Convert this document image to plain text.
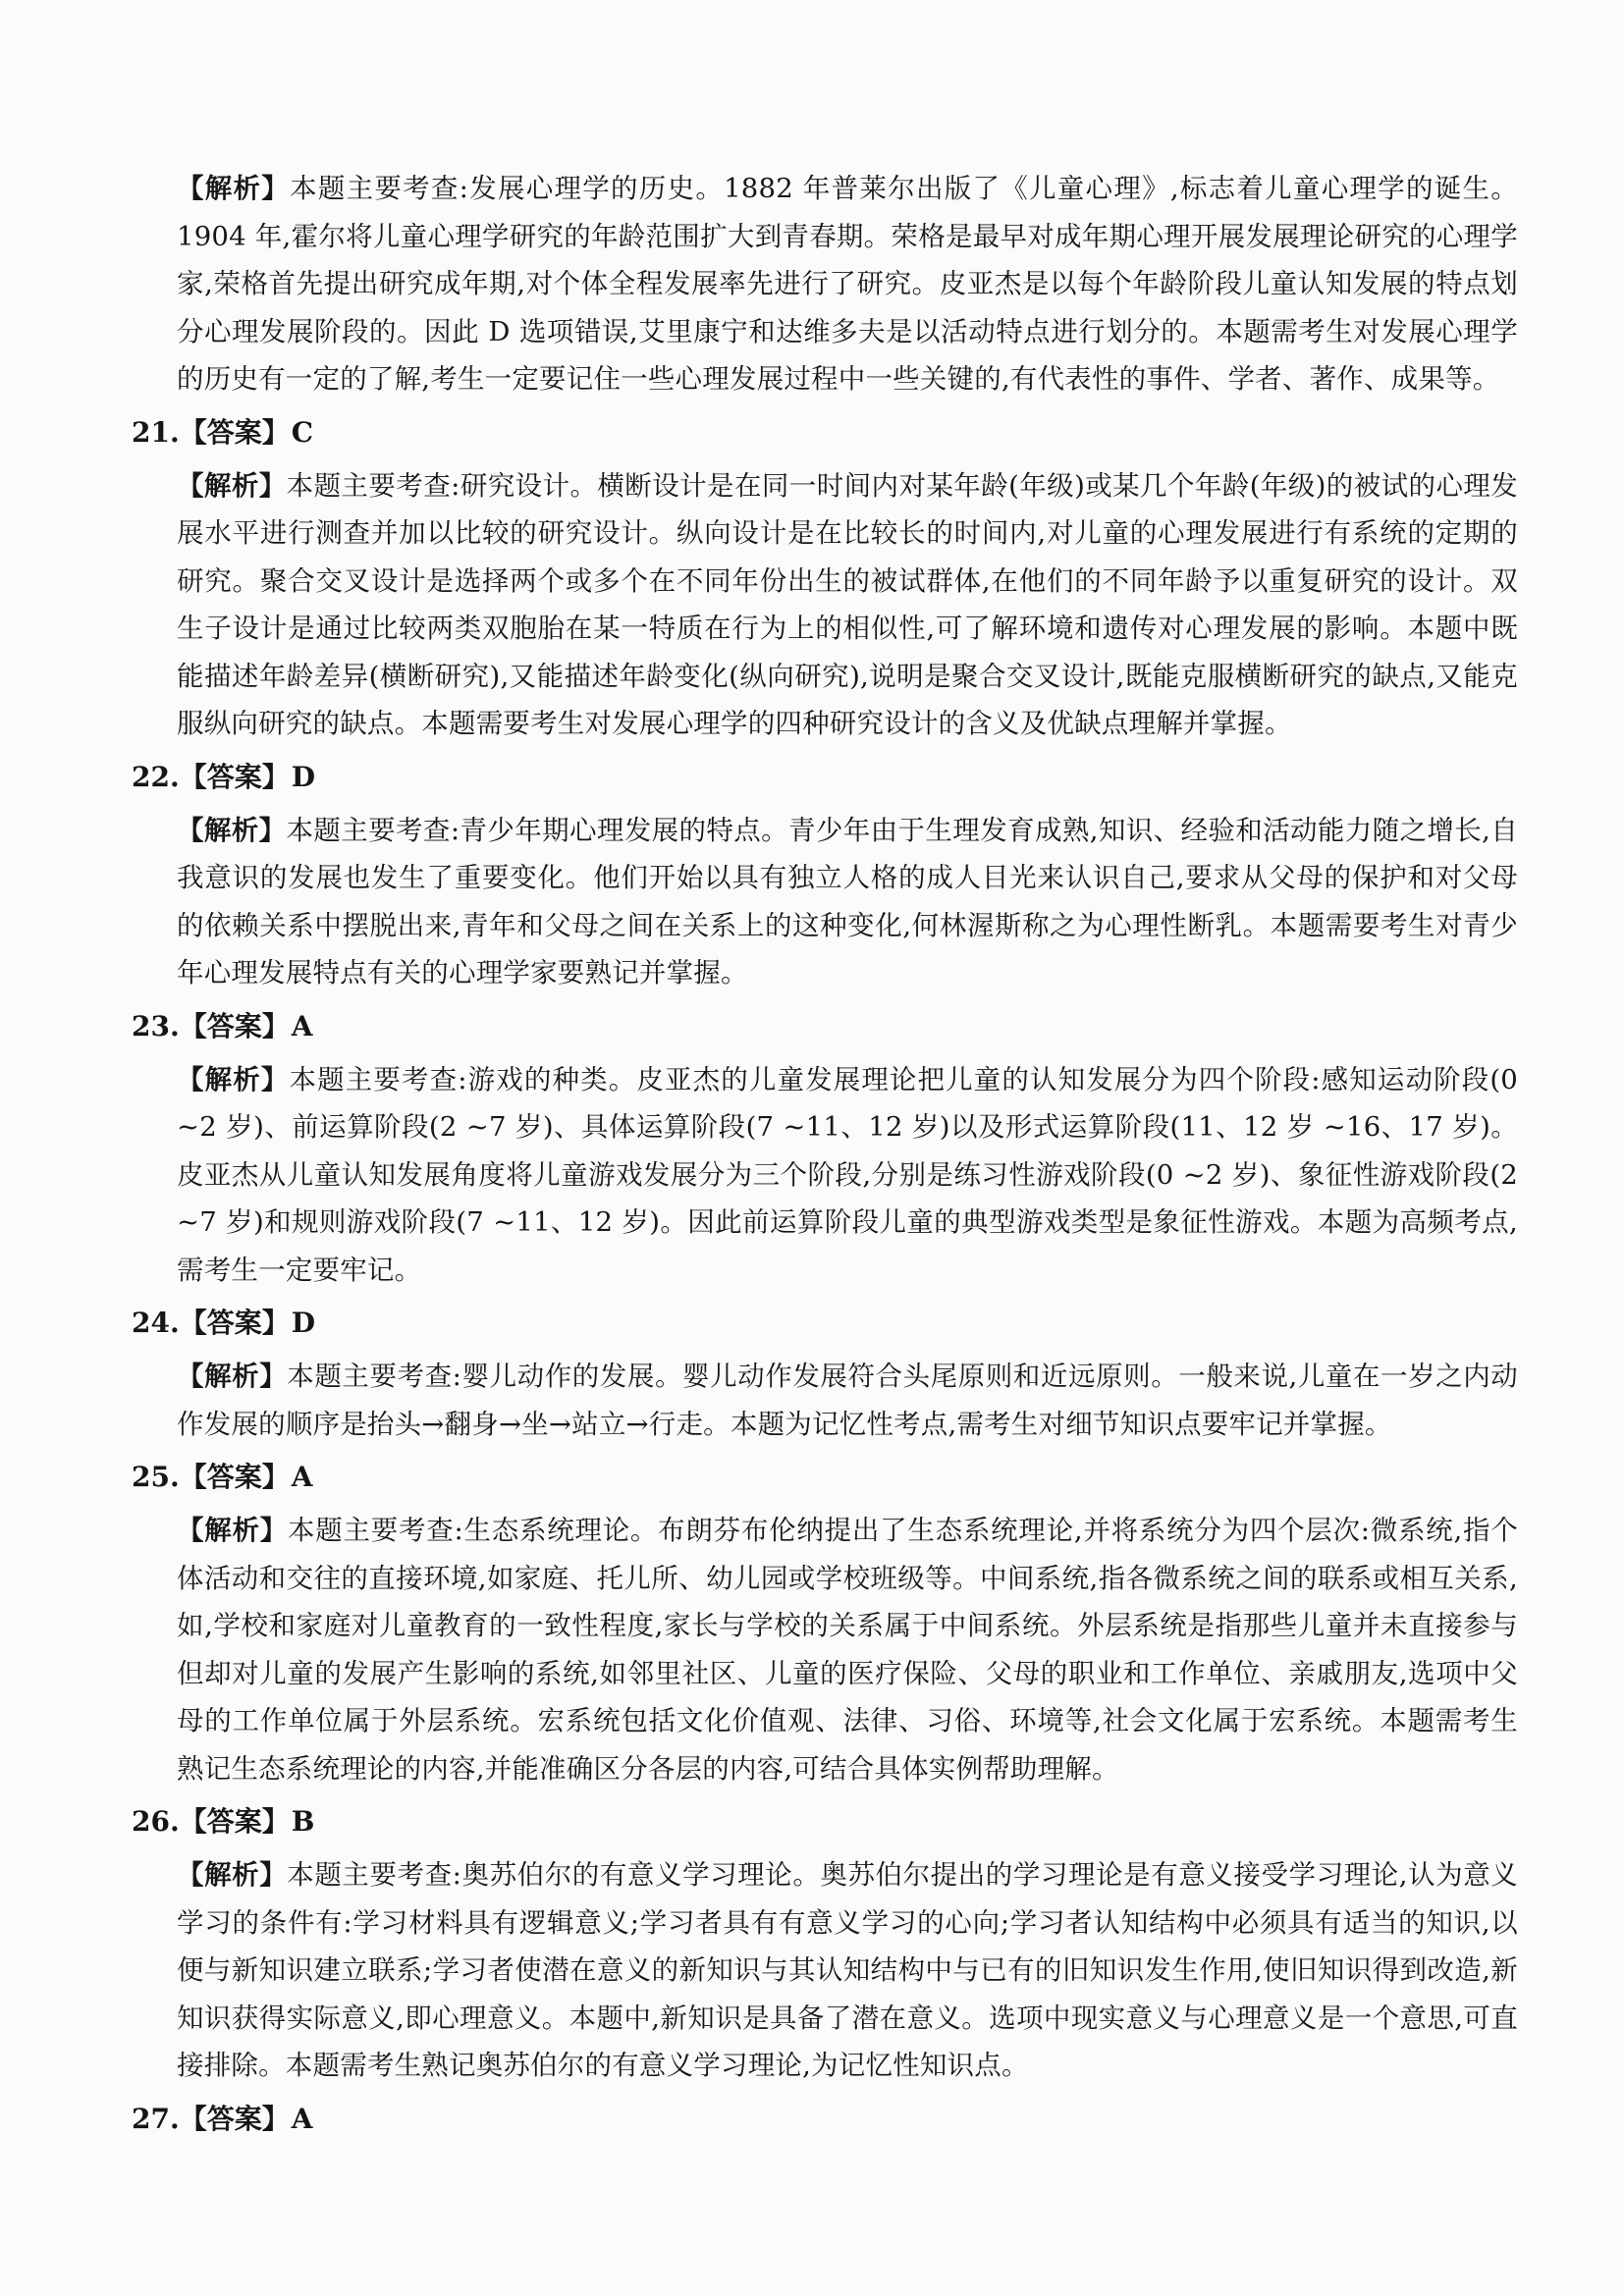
【解析】本题主要考查:发展心理学的历史。1882 年普莱尔出版了《儿童心理》,标志着儿童心理学的诞生。1904 年,霍尔将儿童心理学研究的年龄范围扩大到青春期。荣格是最早对成年期心理开展发展理论研究的心理学家,荣格首先提出研究成年期,对个体全程发展率先进行了研究。皮亚杰是以每个年龄阶段儿童认知发展的特点划分心理发展阶段的。因此 D 选项错误,艾里康宁和达维多夫是以活动特点进行划分的。本题需考生对发展心理学的历史有一定的了解,考生一定要记住一些心理发展过程中一些关键的,有代表性的事件、学者、著作、成果等。
21.【答案】C
【解析】本题主要考查:研究设计。横断设计是在同一时间内对某年龄(年级)或某几个年龄(年级)的被试的心理发展水平进行测查并加以比较的研究设计。纵向设计是在比较长的时间内,对儿童的心理发展进行有系统的定期的研究。聚合交叉设计是选择两个或多个在不同年份出生的被试群体,在他们的不同年龄予以重复研究的设计。双生子设计是通过比较两类双胞胎在某一特质在行为上的相似性,可了解环境和遗传对心理发展的影响。本题中既能描述年龄差异(横断研究),又能描述年龄变化(纵向研究),说明是聚合交叉设计,既能克服横断研究的缺点,又能克服纵向研究的缺点。本题需要考生对发展心理学的四种研究设计的含义及优缺点理解并掌握。
22.【答案】D
【解析】本题主要考查:青少年期心理发展的特点。青少年由于生理发育成熟,知识、经验和活动能力随之增长,自我意识的发展也发生了重要变化。他们开始以具有独立人格的成人目光来认识自己,要求从父母的保护和对父母的依赖关系中摆脱出来,青年和父母之间在关系上的这种变化,何林渥斯称之为心理性断乳。本题需要考生对青少年心理发展特点有关的心理学家要熟记并掌握。
23.【答案】A
【解析】本题主要考查:游戏的种类。皮亚杰的儿童发展理论把儿童的认知发展分为四个阶段:感知运动阶段(0 ~2 岁)、前运算阶段(2 ~7 岁)、具体运算阶段(7 ~11、12 岁)以及形式运算阶段(11、12 岁 ~16、17 岁)。皮亚杰从儿童认知发展角度将儿童游戏发展分为三个阶段,分别是练习性游戏阶段(0 ~2 岁)、象征性游戏阶段(2 ~7 岁)和规则游戏阶段(7 ~11、12 岁)。因此前运算阶段儿童的典型游戏类型是象征性游戏。本题为高频考点,需考生一定要牢记。
24.【答案】D
【解析】本题主要考查:婴儿动作的发展。婴儿动作发展符合头尾原则和近远原则。一般来说,儿童在一岁之内动作发展的顺序是抬头→翻身→坐→站立→行走。本题为记忆性考点,需考生对细节知识点要牢记并掌握。
25.【答案】A
【解析】本题主要考查:生态系统理论。布朗芬布伦纳提出了生态系统理论,并将系统分为四个层次:微系统,指个体活动和交往的直接环境,如家庭、托儿所、幼儿园或学校班级等。中间系统,指各微系统之间的联系或相互关系,如,学校和家庭对儿童教育的一致性程度,家长与学校的关系属于中间系统。外层系统是指那些儿童并未直接参与但却对儿童的发展产生影响的系统,如邻里社区、儿童的医疗保险、父母的职业和工作单位、亲戚朋友,选项中父母的工作单位属于外层系统。宏系统包括文化价值观、法律、习俗、环境等,社会文化属于宏系统。本题需考生熟记生态系统理论的内容,并能准确区分各层的内容,可结合具体实例帮助理解。
26.【答案】B
【解析】本题主要考查:奥苏伯尔的有意义学习理论。奥苏伯尔提出的学习理论是有意义接受学习理论,认为意义学习的条件有:学习材料具有逻辑意义;学习者具有有意义学习的心向;学习者认知结构中必须具有适当的知识,以便与新知识建立联系;学习者使潜在意义的新知识与其认知结构中与已有的旧知识发生作用,使旧知识得到改造,新知识获得实际意义,即心理意义。本题中,新知识是具备了潜在意义。选项中现实意义与心理意义是一个意思,可直接排除。本题需考生熟记奥苏伯尔的有意义学习理论,为记忆性知识点。
27.【答案】A
